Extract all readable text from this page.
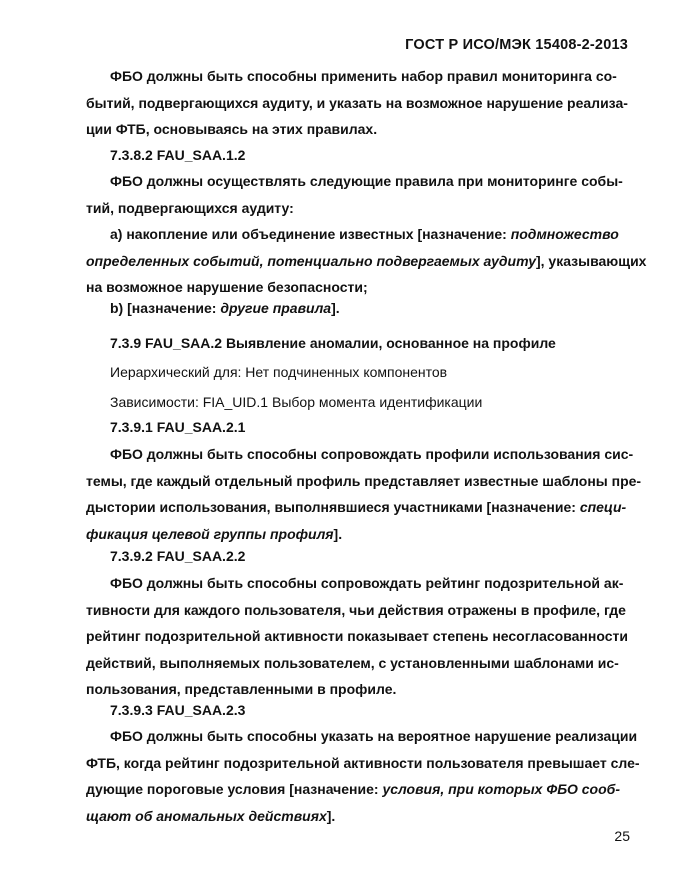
ГОСТ Р ИСО/МЭК 15408-2-2013
ФБО должны быть способны применить набор правил мониторинга со-
бытий, подвергающихся аудиту, и указать на возможное нарушение реализа-
ции ФТБ, основываясь на этих правилах.
7.3.8.2 FAU_SAA.1.2
ФБО должны осуществлять следующие правила при мониторинге собы-
тий, подвергающихся аудиту:
а) накопление или объединение известных [назначение: подмножество
определенных событий, потенциально подвергаемых аудиту], указывающих
на возможное нарушение безопасности;
b) [назначение: другие правила].
7.3.9 FAU_SAA.2 Выявление аномалии, основанное на профиле
Иерархический для: Нет подчиненных компонентов
Зависимости: FIA_UID.1 Выбор момента идентификации
7.3.9.1 FAU_SAA.2.1
ФБО должны быть способны сопровождать профили использования сис-
темы, где каждый отдельный профиль представляет известные шаблоны пре-
дыстории использования, выполнявшиеся участниками [назначение: специ-
фикация целевой группы профиля].
7.3.9.2 FAU_SAA.2.2
ФБО должны быть способны сопровождать рейтинг подозрительной ак-
тивности для каждого пользователя, чьи действия отражены в профиле, где
рейтинг подозрительной активности показывает степень несогласованности
действий, выполняемых пользователем, с установленными шаблонами ис-
пользования, представленными в профиле.
7.3.9.3 FAU_SAA.2.3
ФБО должны быть способны указать на вероятное нарушение реализации
ФТБ, когда рейтинг подозрительной активности пользователя превышает сле-
дующие пороговые условия [назначение: условия, при которых ФБО сооб-
щают об аномальных действиях].
25
